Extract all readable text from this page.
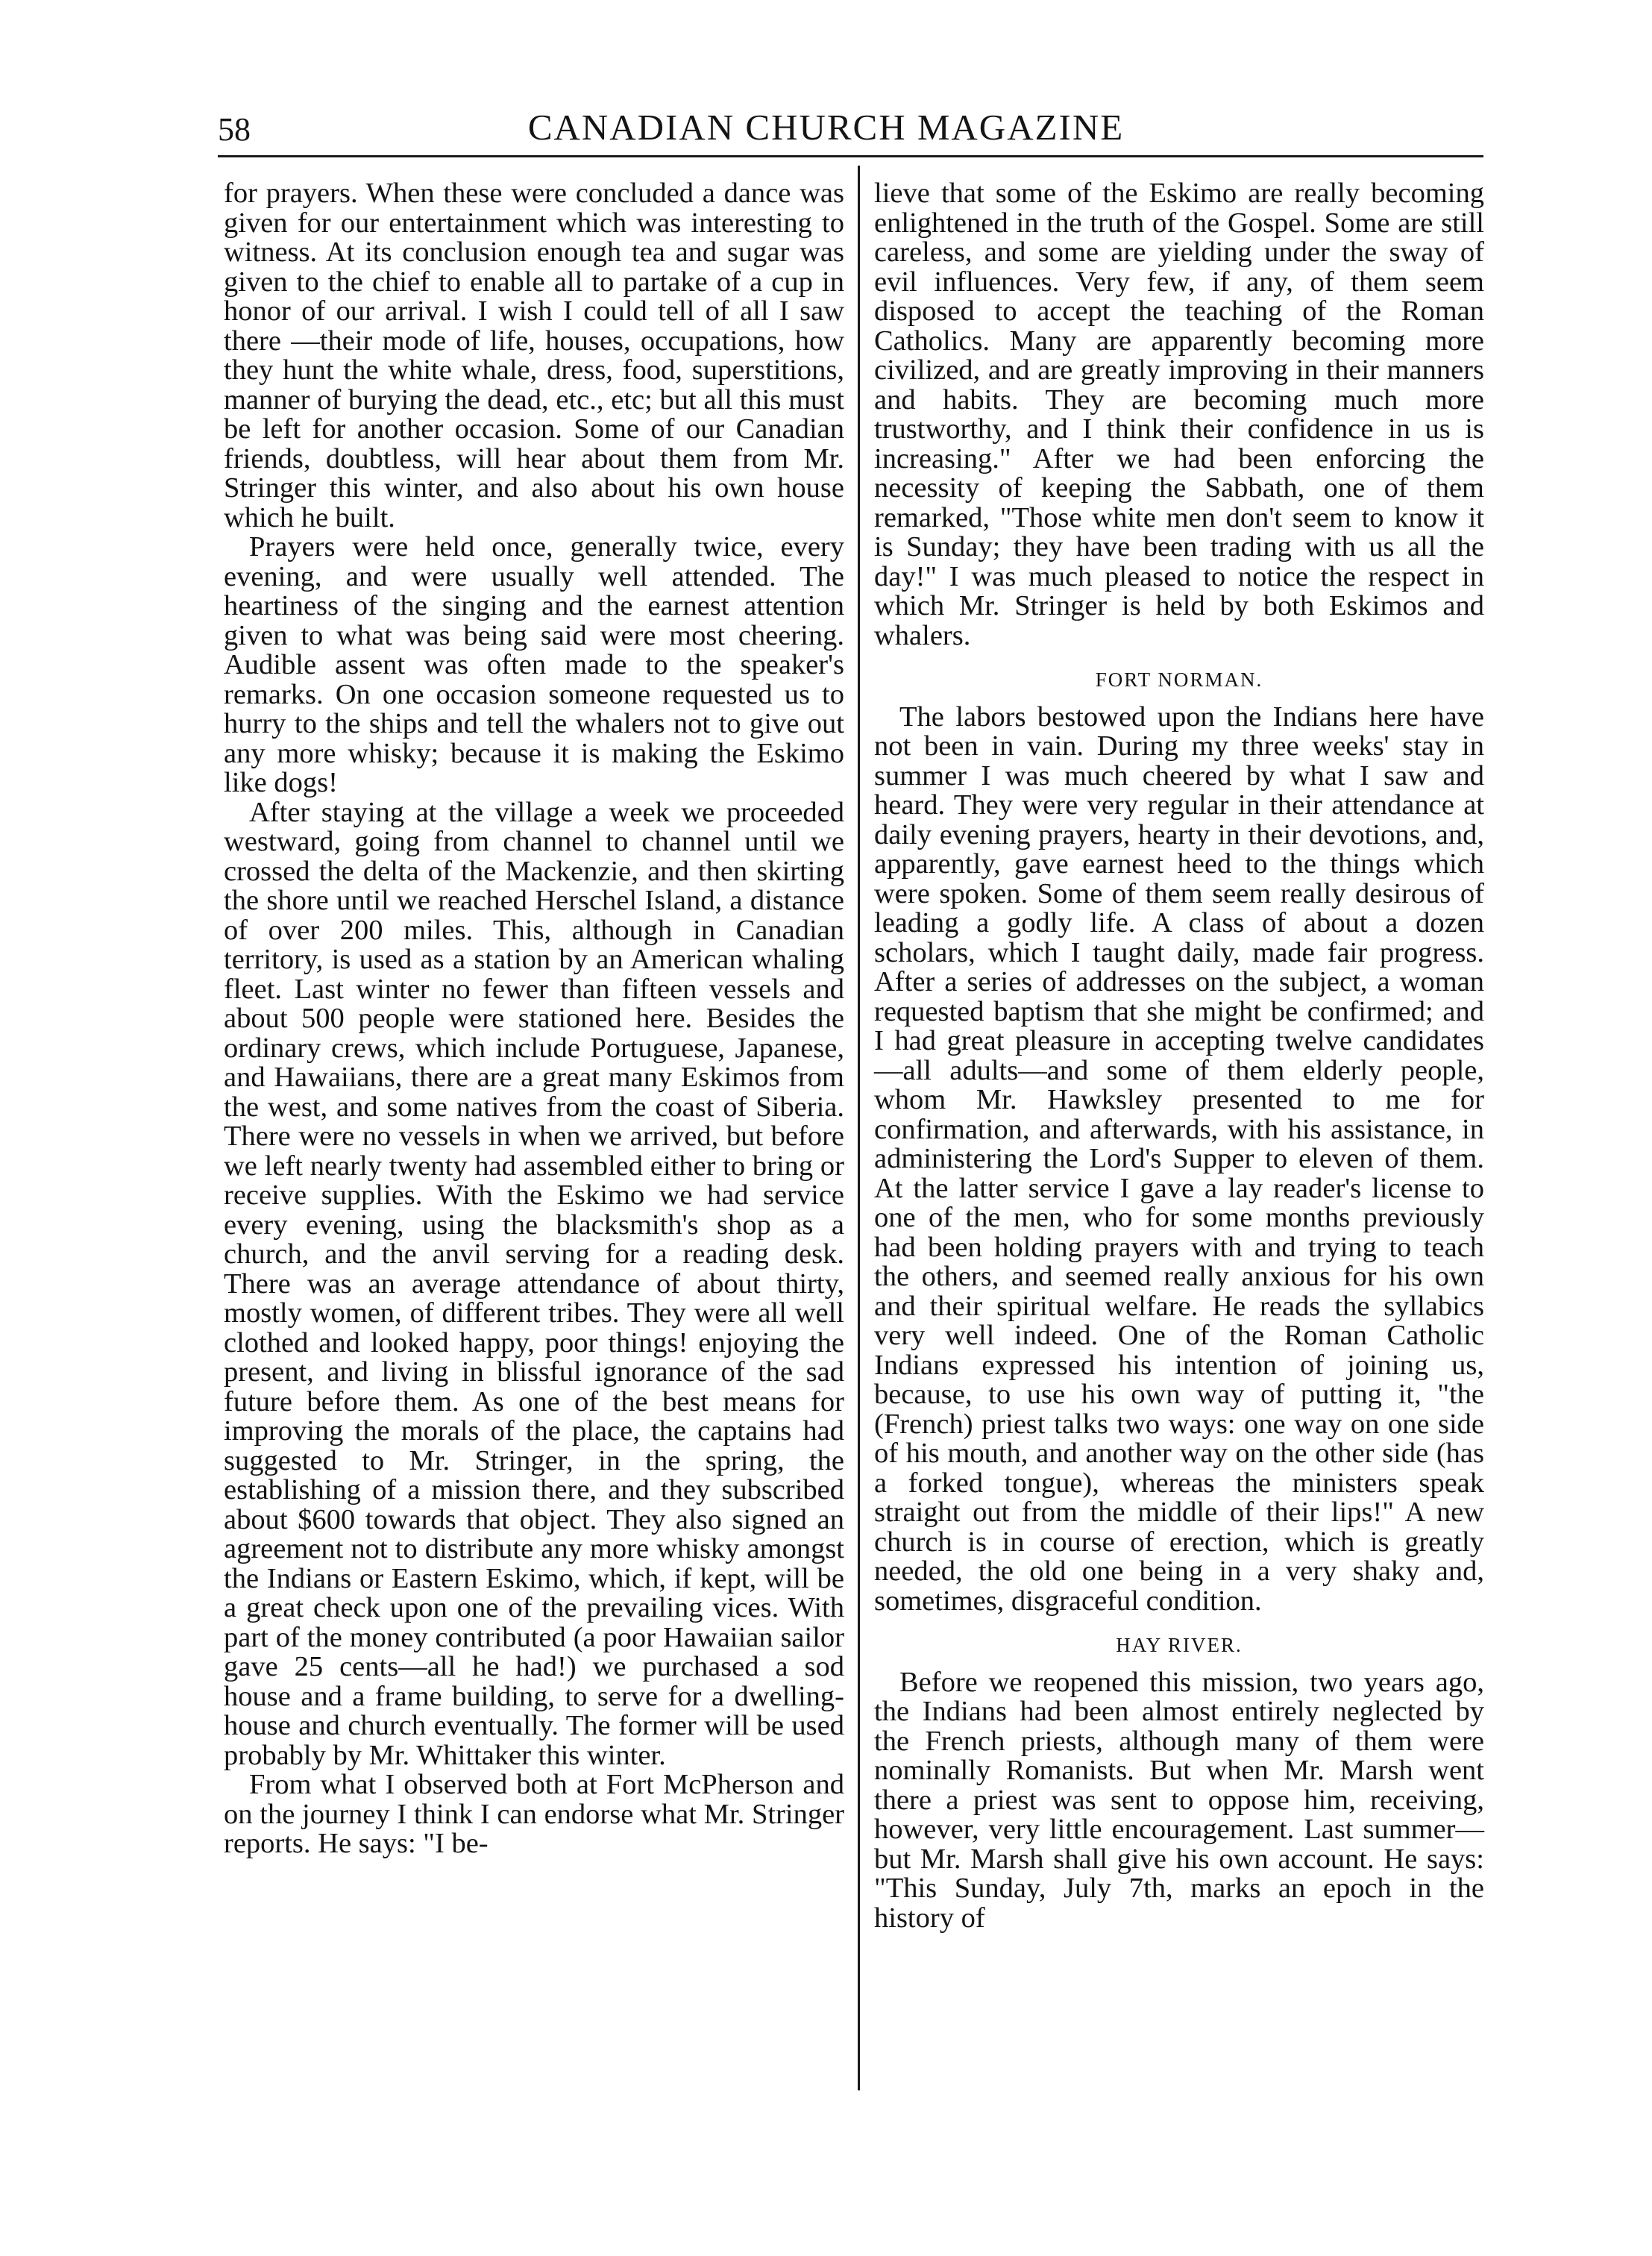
58	CANADIAN CHURCH MAGAZINE

for prayers. When these were concluded a dance was given for our entertainment which was interesting to witness. At its conclusion enough tea and sugar was given to the chief to enable all to partake of a cup in honor of our arrival. I wish I could tell of all I saw there —their mode of life, houses, occupations, how they hunt the white whale, dress, food, superstitions, manner of burying the dead, etc., etc; but all this must be left for another occasion. Some of our Canadian friends, doubtless, will hear about them from Mr. Stringer this winter, and also about his own house which he built.

Prayers were held once, generally twice, every evening, and were usually well attended. The heartiness of the singing and the earnest attention given to what was being said were most cheering. Audible assent was often made to the speaker's remarks. On one occasion someone requested us to hurry to the ships and tell the whalers not to give out any more whisky; because it is making the Eskimo like dogs!

After staying at the village a week we proceeded westward, going from channel to channel until we crossed the delta of the Mackenzie, and then skirting the shore until we reached Herschel Island, a distance of over 200 miles. This, although in Canadian territory, is used as a station by an American whaling fleet. Last winter no fewer than fifteen vessels and about 500 people were stationed here. Besides the ordinary crews, which include Portuguese, Japanese, and Hawaiians, there are a great many Eskimos from the west, and some natives from the coast of Siberia. There were no vessels in when we arrived, but before we left nearly twenty had assembled either to bring or receive supplies. With the Eskimo we had service every evening, using the blacksmith's shop as a church, and the anvil serving for a reading desk. There was an average attendance of about thirty, mostly women, of different tribes. They were all well clothed and looked happy, poor things! enjoying the present, and living in blissful ignorance of the sad future before them. As one of the best means for improving the morals of the place, the captains had suggested to Mr. Stringer, in the spring, the establishing of a mission there, and they subscribed about $600 towards that object. They also signed an agreement not to distribute any more whisky amongst the Indians or Eastern Eskimo, which, if kept, will be a great check upon one of the prevailing vices. With part of the money contributed (a poor Hawaiian sailor gave 25 cents—all he had!) we purchased a sod house and a frame building, to serve for a dwelling-house and church eventually. The former will be used probably by Mr. Whittaker this winter.

From what I observed both at Fort McPherson and on the journey I think I can endorse what Mr. Stringer reports. He says: "I be-

lieve that some of the Eskimo are really becoming enlightened in the truth of the Gospel. Some are still careless, and some are yielding under the sway of evil influences. Very few, if any, of them seem disposed to accept the teaching of the Roman Catholics. Many are apparently becoming more civilized, and are greatly improving in their manners and habits. They are becoming much more trustworthy, and I think their confidence in us is increasing." After we had been enforcing the necessity of keeping the Sabbath, one of them remarked, "Those white men don't seem to know it is Sunday; they have been trading with us all the day!" I was much pleased to notice the respect in which Mr. Stringer is held by both Eskimos and whalers.

FORT NORMAN.

The labors bestowed upon the Indians here have not been in vain. During my three weeks' stay in summer I was much cheered by what I saw and heard. They were very regular in their attendance at daily evening prayers, hearty in their devotions, and, apparently, gave earnest heed to the things which were spoken. Some of them seem really desirous of leading a godly life. A class of about a dozen scholars, which I taught daily, made fair progress. After a series of addresses on the subject, a woman requested baptism that she might be confirmed; and I had great pleasure in accepting twelve candidates—all adults—and some of them elderly people, whom Mr. Hawksley presented to me for confirmation, and afterwards, with his assistance, in administering the Lord's Supper to eleven of them. At the latter service I gave a lay reader's license to one of the men, who for some months previously had been holding prayers with and trying to teach the others, and seemed really anxious for his own and their spiritual welfare. He reads the syllabics very well indeed. One of the Roman Catholic Indians expressed his intention of joining us, because, to use his own way of putting it, "the (French) priest talks two ways: one way on one side of his mouth, and another way on the other side (has a forked tongue), whereas the ministers speak straight out from the middle of their lips!" A new church is in course of erection, which is greatly needed, the old one being in a very shaky and, sometimes, disgraceful condition.

HAY RIVER.

Before we reopened this mission, two years ago, the Indians had been almost entirely neglected by the French priests, although many of them were nominally Romanists. But when Mr. Marsh went there a priest was sent to oppose him, receiving, however, very little encouragement. Last summer—but Mr. Marsh shall give his own account. He says: "This Sunday, July 7th, marks an epoch in the history of
